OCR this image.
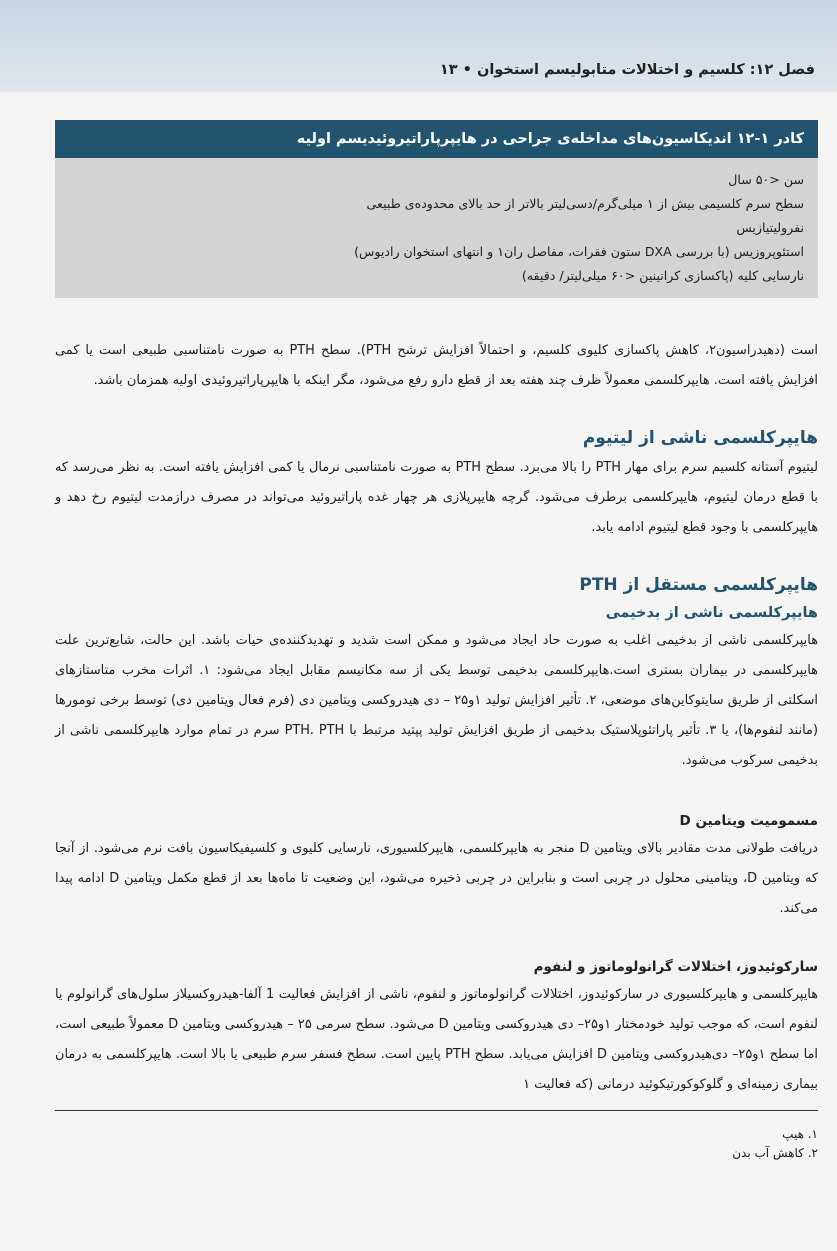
فصل ۱۲: کلسیم و اختلالات متابولیسم استخوان • ۱۳
کادر ۱-۱۲ اندیکاسیون‌های مداخله‌ی جراحی در هایپرپاراتیروئیدیسم اولیه
سن <۵۰ سال
سطح سرم کلسیمی بیش از ۱ میلی‌گرم/دسی‌لیتر بالاتر از حد بالای محدوده‌ی طبیعی
نفرولیتیازیس
استئوپروزیس (با بررسی DXA ستون فقرات، مفاصل ران۱ و انتهای استخوان رادیوس)
نارسایی کلیه (پاکسازی کراتینین <۶۰ میلی‌لیتر/ دقیقه)

است (دهیدراسیون۲، کاهش پاکسازی کلیوی کلسیم، و احتمالاً افزایش ترشح PTH). سطح PTH به صورت نامتناسبی طبیعی است یا کمی افزایش یافته است. هایپرکلسمی معمولاً ظرف چند هفته بعد از قطع دارو رفع می‌شود، مگر اینکه با هایپرپاراتیروئیدی اولیه همزمان باشد.

هایپرکلسمی ناشی از لیتیوم

لیتیوم آستانه کلسیم سرم برای مهار PTH را بالا می‌برد. سطح PTH به صورت نامتناسبی نرمال یا کمی افزایش یافته است. به نظر می‌رسد که با قطع درمان لیتیوم، هایپرکلسمی برطرف می‌شود. گرچه هایپرپلازی هر چهار غده پاراتیروئید می‌تواند در مصرف درازمدت لیتیوم رخ دهد و هایپرکلسمی با وجود قطع لیتیوم ادامه یابد.

هایپرکلسمی مستقل از PTH
هایپرکلسمی ناشی از بدخیمی

هایپرکلسمی ناشی از بدخیمی اغلب به صورت حاد ایجاد می‌شود و ممکن است شدید و تهدیدکننده‌ی حیات باشد. این حالت، شایع‌ترین علت هایپرکلسمی در بیماران بستری است.هایپرکلسمی بدخیمی توسط یکی از سه مکانیسم مقابل ایجاد می‌شود: ۱. اثرات مخرب متاستازهای اسکلتی از طریق سایتوکاین‌های موضعی، ۲. تأثیر افزایش تولید ۱و۲۵ – دی هیدروکسی ویتامین دی (فرم فعال ویتامین دی) توسط برخی تومورها (مانند لنفوم‌ها)، یا ۳. تأثیر پاراتئوپلاستیک بدخیمی از طریق افزایش تولید پپتید مرتبط با PTH. PTH سرم در تمام موارد هایپرکلسمی ناشی از بدخیمی سرکوب می‌شود.

مسمومیت ویتامین D

دریافت طولانی مدت مقادیر بالای ویتامین D منجر به هایپرکلسمی، هایپرکلسیوری، نارسایی کلیوی و کلسیفیکاسیون بافت نرم می‌شود. از آنجا که ویتامین D، ویتامینی محلول در چربی است و بنابراین در چربی ذخیره می‌شود، این وضعیت تا ماه‌ها بعد از قطع مکمل ویتامین D ادامه پیدا می‌کند.

سارکوئیدوز، اختلالات گرانولوماتوز و لنفوم

هایپرکلسمی و هایپرکلسیوری در سارکوئیدوز، اختلالات گرانولوماتوز و لنفوم، ناشی از افزایش فعالیت 1 آلفا-هیدروکسیلاز سلول‌های گرانولوم یا لنفوم است، که موجب تولید خودمختار ۱و۲۵– دی هیدروکسی ویتامین D می‌شود. سطح سرمی ۲۵ – هیدروکسی ویتامین D معمولاً طبیعی است، اما سطح ۱و۲۵– دی‌هیدروکسی ویتامین D افزایش می‌یابد. سطح PTH پایین است. سطح فسفر سرم طبیعی یا بالا است. هایپرکلسمی به درمان بیماری زمینه‌ای و گلوکوکورتیکوئید درمانی (که فعالیت ۱

۱. هیپ
۲. کاهش آب بدن
